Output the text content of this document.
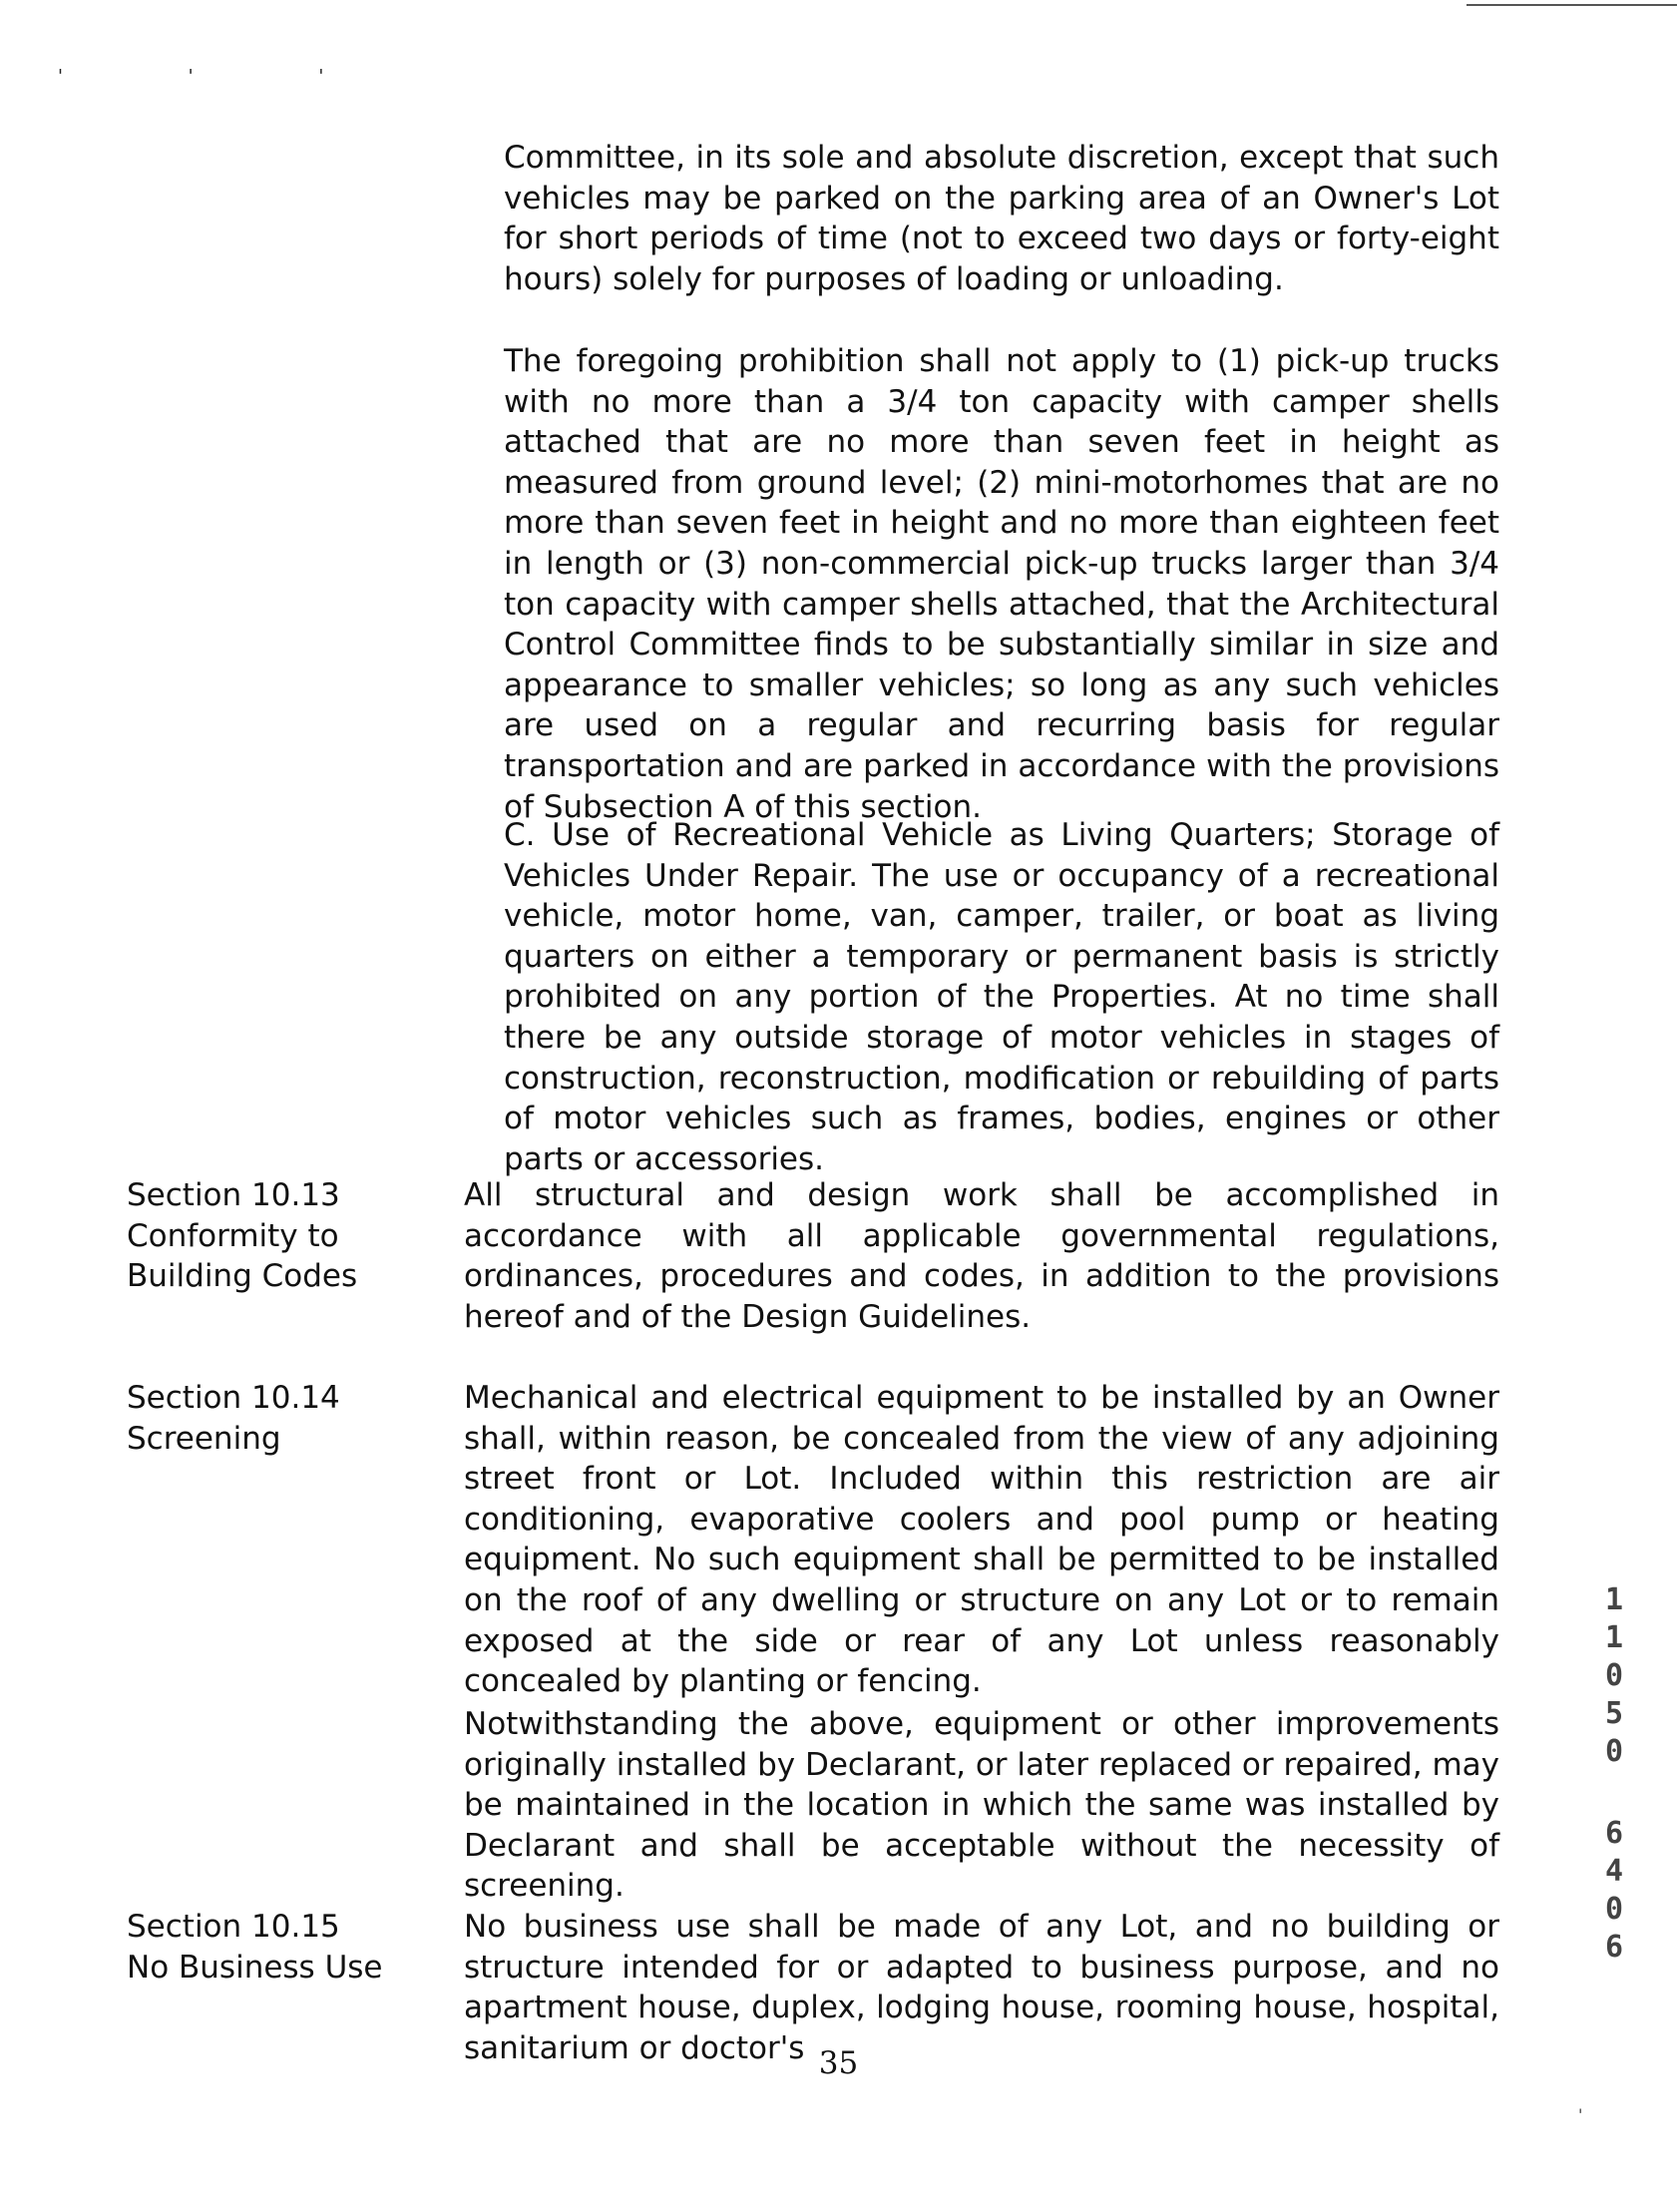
' ' '

Committee, in its sole and absolute discretion, except that such vehicles may be parked on the parking area of an Owner's Lot for short periods of time (not to exceed two days or forty-eight hours) solely for purposes of loading or unloading.

The foregoing prohibition shall not apply to (1) pick-up trucks with no more than a 3/4 ton capacity with camper shells attached that are no more than seven feet in height as measured from ground level; (2) mini-motorhomes that are no more than seven feet in height and no more than eighteen feet in length or (3) non-commercial pick-up trucks larger than 3/4 ton capacity with camper shells attached, that the Architectural Control Committee finds to be substantially similar in size and appearance to smaller vehicles; so long as any such vehicles are used on a regular and recurring basis for regular transportation and are parked in accordance with the provisions of Subsection A of this section.

C. Use of Recreational Vehicle as Living Quarters; Storage of Vehicles Under Repair. The use or occupancy of a recreational vehicle, motor home, van, camper, trailer, or boat as living quarters on either a temporary or permanent basis is strictly prohibited on any portion of the Properties. At no time shall there be any outside storage of motor vehicles in stages of construction, reconstruction, modification or rebuilding of parts of motor vehicles such as frames, bodies, engines or other parts or accessories.

Section 10.13
Conformity to
Building Codes

All structural and design work shall be accomplished in accordance with all applicable governmental regulations, ordinances, procedures and codes, in addition to the provisions hereof and of the Design Guidelines.

Section 10.14
Screening

Mechanical and electrical equipment to be installed by an Owner shall, within reason, be concealed from the view of any adjoining street front or Lot. Included within this restriction are air conditioning, evaporative coolers and pool pump or heating equipment. No such equipment shall be permitted to be installed on the roof of any dwelling or structure on any Lot or to remain exposed at the side or rear of any Lot unless reasonably concealed by planting or fencing.

Notwithstanding the above, equipment or other improvements originally installed by Declarant, or later replaced or repaired, may be maintained in the location in which the same was installed by Declarant and shall be acceptable without the necessity of screening.

Section 10.15
No Business Use

No business use shall be made of any Lot, and no building or structure intended for or adapted to business purpose, and no apartment house, duplex, lodging house, rooming house, hospital, sanitarium or doctor's 35
1
1
0
5
0
6
4
0
6
'
